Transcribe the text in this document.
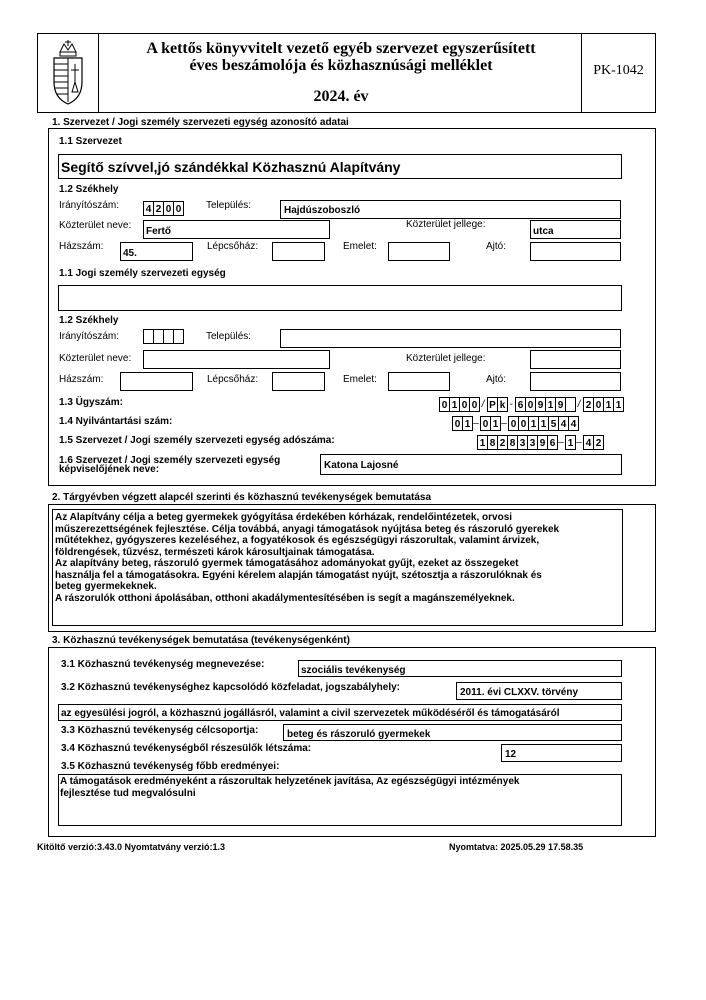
A kettős könyvvitelt vezető egyéb szervezet egyszerűsített
éves beszámolója és közhasznúsági melléklet
2024. év
PK-1042
1. Szervezet / Jogi személy szervezeti egység azonosító adatai
1.1 Szervezet
Segítő szívvel,jó szándékkal Közhasznú Alapítvány
1.2 Székhely
Irányítószám:	4 2 0 0 Település:	Hajdúszoboszló
Közterület neve:
Fertő
Közterület jellege:
utca
Házszám:
45.
Lépcsőház:	Emelet:	Ajtó:
1.1 Jogi személy szervezeti egység
1.2 Székhely
Irányítószám:	Település:
Közterület neve:	Közterület jellege:
Házszám:	Lépcsőház:	Emelet:	Ajtó:
1.3 Ügyszám:	0 1 0 0 / P k - 6 0 9 1 9 / 2 0 1 1
1.4 Nyilvántartási szám:	0 1 – 0 1 – 0 0 1 1 5 4 4
1.5 Szervezet / Jogi személy szervezeti egység adószáma:	1 8 2 8 3 3 9 6 – 1 – 4 2
1.6 Szervezet / Jogi személy szervezeti egység
képviselőjének neve:	Katona Lajosné
2. Tárgyévben végzett alapcél szerinti és közhasznú tevékenységek bemutatása
Az Alapítvány célja a beteg gyermekek gyógyítása érdekében kórházak, rendelőintézetek, orvosi
műszerezettségének fejlesztése. Célja továbbá, anyagi támogatások nyújtása beteg és rászoruló gyerekek
műtétekhez, gyógyszeres kezeléséhez, a fogyatékosok és egészségügyi rászorultak, valamint árvizek,
földrengések, tűzvész, természeti károk károsultjainak támogatása.
Az alapítvány beteg, rászoruló gyermek támogatásához adományokat gyűjt, ezeket az összegeket
használja fel a támogatásokra. Egyéni kérelem alapján támogatást nyújt, szétosztja a rászorulóknak és
beteg gyermekeknek.
A rászorulók otthoni ápolásában, otthoni akadálymentesítésében is segít a magánszemélyeknek.
3. Közhasznú tevékenységek bemutatása (tevékenységenként)
3.1 Közhasznú tevékenység megnevezése:
szociális tevékenység
3.2 Közhasznú tevékenységhez kapcsolódó közfeladat, jogszabályhely:	2011. évi CLXXV. törvény
az egyesülési jogról, a közhasznú jogállásról, valamint a civil szervezetek működéséről és támogatásáról
3.3 Közhasznú tevékenység célcsoportja:	beteg és rászoruló gyermekek
3.4 Közhasznú tevékenységből részesülők létszáma:
12
3.5 Közhasznú tevékenység főbb eredményei:
A támogatások eredményeként a rászorultak helyzetének javítása, Az egészségügyi intézmények
fejlesztése tud megvalósulni
Kitöltő verzió:3.43.0 Nyomtatvány verzió:1.3	Nyomtatva: 2025.05.29 17.58.35
